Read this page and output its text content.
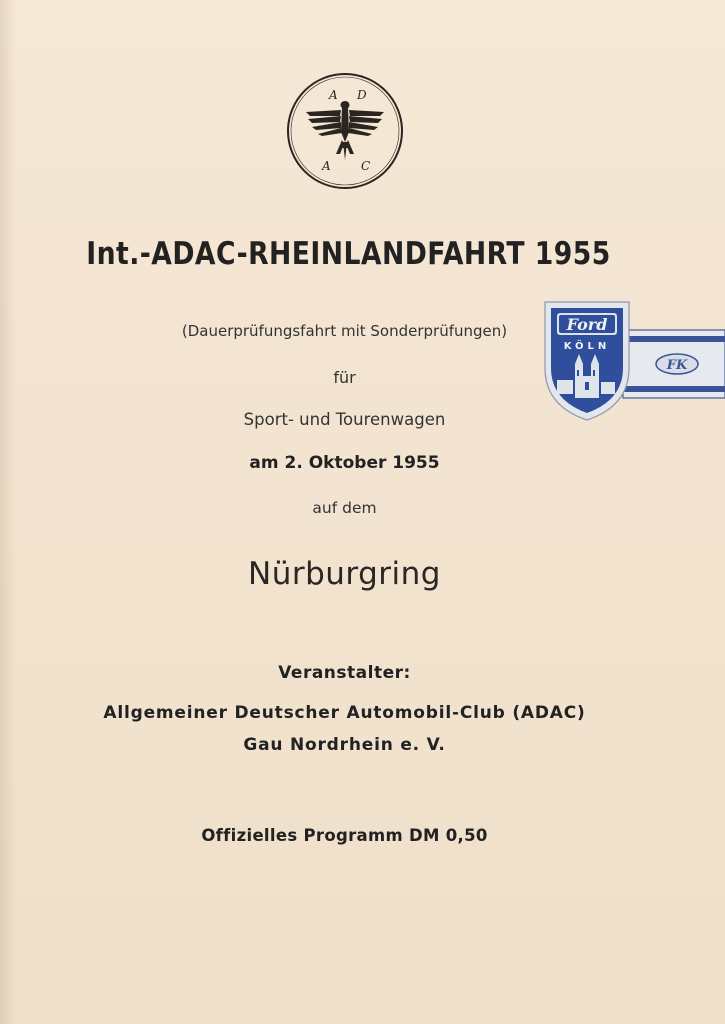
A D
A	C
Int.-ADAC-RHEINLANDFAHRT 1955
(Dauerprüfungsfahrt mit Sonderprüfungen)
für
Sport- und Tourenwagen
am 2. Oktober 1955
auf dem
Nürburgring
Veranstalter:
Allgemeiner Deutscher Automobil-Club (ADAC)
Gau Nordrhein e. V.
Offizielles Programm DM 0,50
FK
Ford
KÖLN
